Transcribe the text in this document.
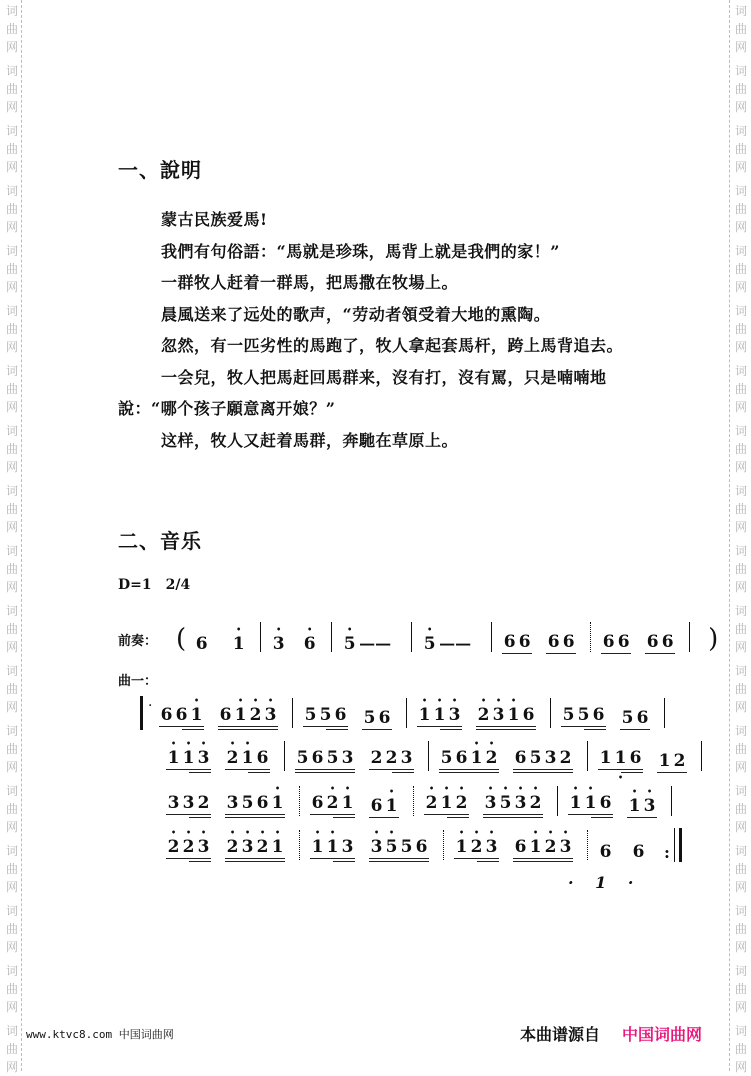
词
曲
网
词
曲
网
词
曲
网
词
曲
网
词
曲
网
词
曲
网
词
曲
网
词
曲
网
词
曲
网
词
曲
网
词
曲
网
词
曲
网
词
曲
网
词
曲
网
词
曲
网
词
曲
网
词
曲
网
词
曲
网
词
曲
网
词
曲
网
词
曲
网
词
曲
网
词
曲
网
词
曲
网
词
曲
网
词
曲
网
词
曲
网
词
曲
网
词
曲
网
词
曲
网
词
曲
网
词
曲
网
词
曲
网
词
曲
网
词
曲
网
词
曲
网
一、說明

蒙古民族爱馬!

我們有句俗語：“馬就是珍珠，馬背上就是我們的家！”

一群牧人赶着一群馬，把馬撒在牧場上。

晨風送来了远处的歌声，“劳动者領受着大地的熏陶。

忽然，有一匹劣性的馬跑了，牧人拿起套馬杆，跨上馬背追去。

一会兒，牧人把馬赶回馬群来，沒有打，沒有罵，只是喃喃地說：“哪个孩子願意离开娘？”

这样，牧人又赶着馬群，奔馳在草原上。

二、音乐
D=1 2/4
前奏： ( 6 • 1 • 3 • 6 • 5 —— • 5 —— 6 6 6 6 6 6 6 6 )
曲一：
·
6 6 • 1 6 • 1 • 2 • 3 5 5 6 5 6 • 1 • 1 • 3 • 2 • 3 • 1 6 5 5 6 5 6
• 1 • 1 • 3 • 2 • 1 6 5 6 5 3 2 2 3 5 6 • 1 • 2 6 5 3 2 1 1 • 6 1 2
3 3 2 3 5 6 • 1 6 • 2 • 1 6 • 1 • 2 • 1 • 2 • 3 • 5 • 3 • 2 • 1 • 1 6 • 1 • 3
• 2 • 2 • 3 • 2 • 3 • 2 • 1 • 1 • 1 3 • 3 • 5 5 6 • 1 • 2 • 3 6 • 1 • 2 • 3 6 6 :
· 1 ·
www.ktvc8.com 中国词曲网	本曲谱源自 中国词曲网
